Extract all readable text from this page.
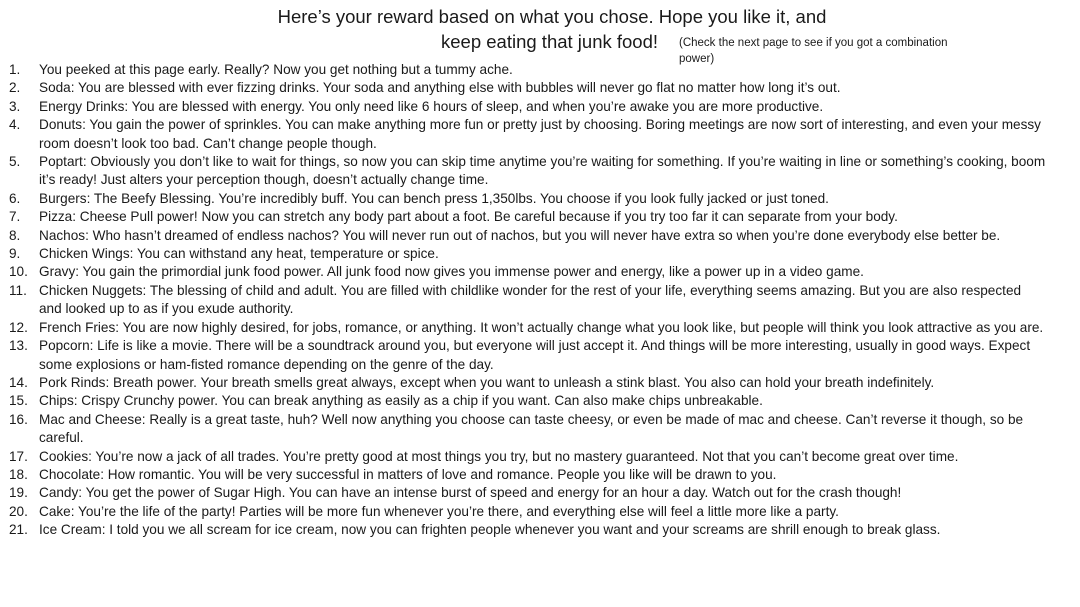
Here’s your reward based on what you chose. Hope you like it, and
keep eating that junk food! (Check the next page to see if you got a combination power)
1.	You peeked at this page early. Really? Now you get nothing but a tummy ache.
2.	Soda: You are blessed with ever fizzing drinks. Your soda and anything else with bubbles will never go flat no matter how long it’s out.
3.	Energy Drinks: You are blessed with energy. You only need like 6 hours of sleep, and when you’re awake you are more productive.
4.	Donuts: You gain the power of sprinkles. You can make anything more fun or pretty just by choosing. Boring meetings are now sort of interesting, and even your messy room doesn’t look too bad. Can’t change people though.
5.	Poptart: Obviously you don’t like to wait for things, so now you can skip time anytime you’re waiting for something. If you’re waiting in line or something’s cooking, boom it’s ready! Just alters your perception though, doesn’t actually change time.
6.	Burgers: The Beefy Blessing. You’re incredibly buff. You can bench press 1,350lbs. You choose if you look fully jacked or just toned.
7.	Pizza: Cheese Pull power! Now you can stretch any body part about a foot. Be careful because if you try too far it can separate from your body.
8.	Nachos: Who hasn’t dreamed of endless nachos? You will never run out of nachos, but you will never have extra so when you’re done everybody else better be.
9.	Chicken Wings: You can withstand any heat, temperature or spice.
10. Gravy: You gain the primordial junk food power. All junk food now gives you immense power and energy, like a power up in a video game.
11. Chicken Nuggets: The blessing of child and adult. You are filled with childlike wonder for the rest of your life, everything seems amazing. But you are also respected and looked up to as if you exude authority.
12. French Fries: You are now highly desired, for jobs, romance, or anything. It won’t actually change what you look like, but people will think you look attractive as you are.
13. Popcorn: Life is like a movie. There will be a soundtrack around you, but everyone will just accept it. And things will be more interesting, usually in good ways. Expect some explosions or ham-fisted romance depending on the genre of the day.
14. Pork Rinds: Breath power. Your breath smells great always, except when you want to unleash a stink blast. You also can hold your breath indefinitely.
15. Chips: Crispy Crunchy power. You can break anything as easily as a chip if you want. Can also make chips unbreakable.
16. Mac and Cheese: Really is a great taste, huh? Well now anything you choose can taste cheesy, or even be made of mac and cheese. Can’t reverse it though, so be careful.
17. Cookies: You’re now a jack of all trades. You’re pretty good at most things you try, but no mastery guaranteed. Not that you can’t become great over time.
18. Chocolate: How romantic. You will be very successful in matters of love and romance. People you like will be drawn to you.
19. Candy: You get the power of Sugar High. You can have an intense burst of speed and energy for an hour a day. Watch out for the crash though!
20. Cake: You’re the life of the party! Parties will be more fun whenever you’re there, and everything else will feel a little more like a party.
21. Ice Cream: I told you we all scream for ice cream, now you can frighten people whenever you want and your screams are shrill enough to break glass.
